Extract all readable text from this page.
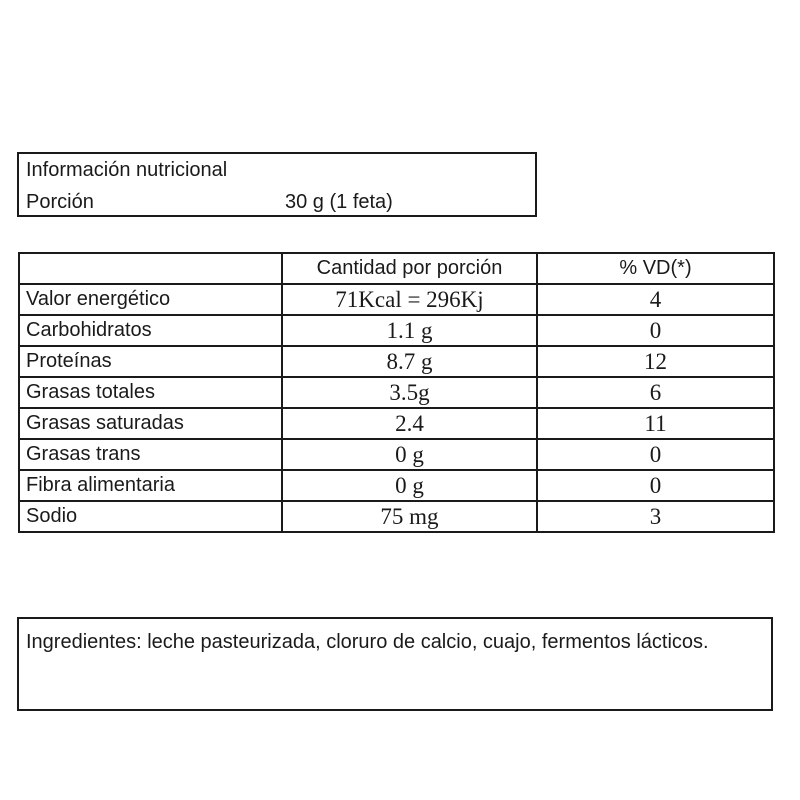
Información nutricional
Porción	30 g (1 feta)
	Cantidad por porción	% VD(*)
Valor energético	71Kcal = 296Kj	4
Carbohidratos	1.1 g	0
Proteínas	8.7 g	12
Grasas totales	3.5g	6
Grasas saturadas	2.4	11
Grasas trans	0 g	0
Fibra alimentaria	0 g	0
Sodio	75 mg	3

Ingredientes: leche pasteurizada, cloruro de calcio, cuajo, fermentos lácticos.
